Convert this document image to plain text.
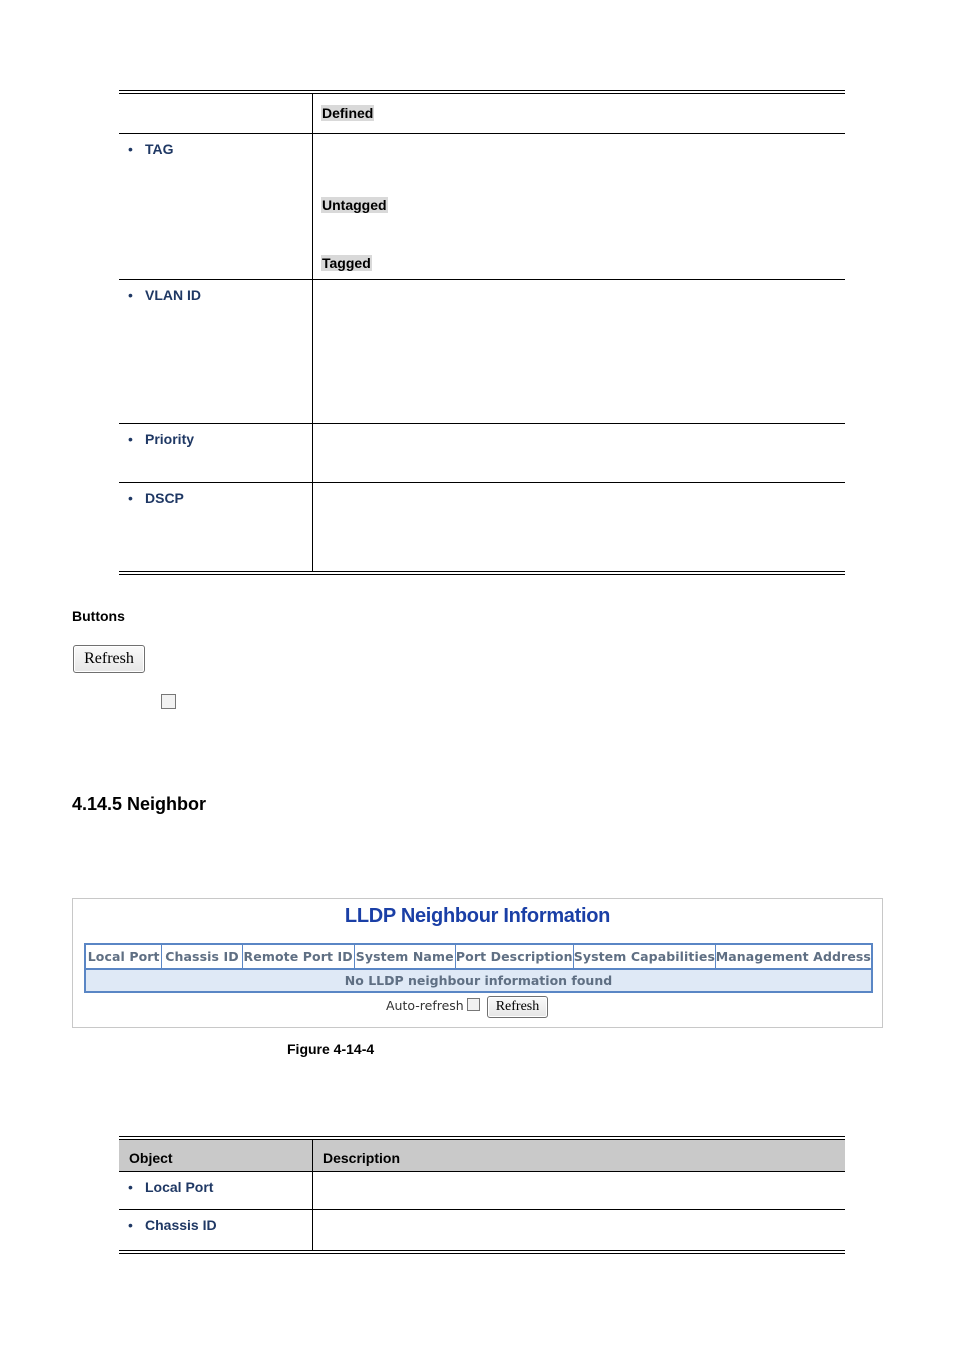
Defined
• TAG
Untagged
Tagged
• VLAN ID
• Priority
• DSCP
Buttons
Refresh
4.14.5 Neighbor
LLDP Neighbour Information
Local Port Chassis ID Remote Port ID System Name Port Description System Capabilities Management Address
No LLDP neighbour information found
Auto-refresh	Refresh
Figure 4-14-4
Object	Description
• Local Port
• Chassis ID
